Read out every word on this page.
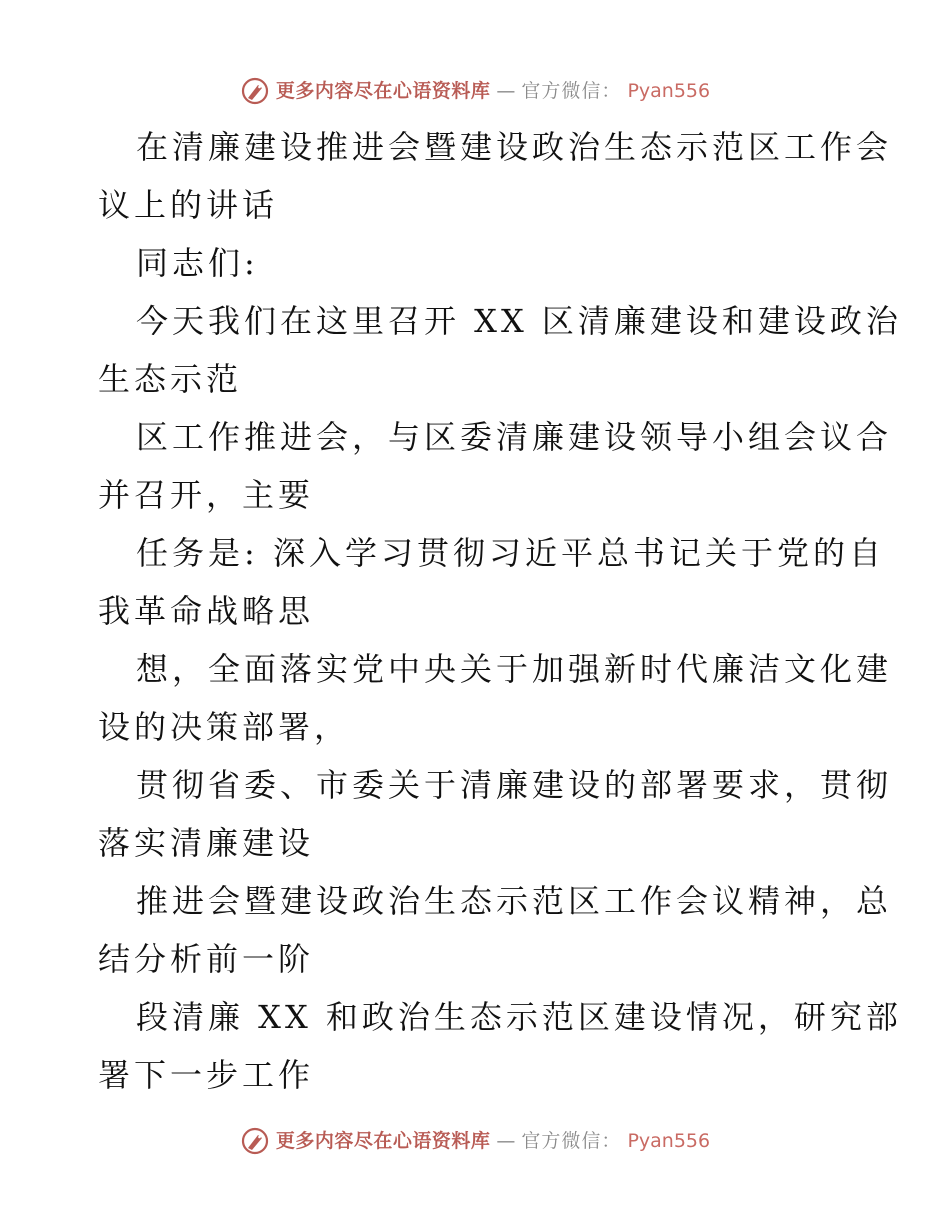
更多内容尽在心语资料库 — 官方微信： Pyan556
在清廉建设推进会暨建设政治生态示范区工作会
议上的讲话
同志们:
今天我们在这里召开 XX 区清廉建设和建设政治
生态示范
区工作推进会，与区委清廉建设领导小组会议合
并召开，主要
任务是: 深入学习贯彻习近平总书记关于党的自
我革命战略思
想，全面落实党中央关于加强新时代廉洁文化建
设的决策部署，
贯彻省委、市委关于清廉建设的部署要求，贯彻
落实清廉建设
推进会暨建设政治生态示范区工作会议精神，总
结分析前一阶
段清廉 XX 和政治生态示范区建设情况，研究部
署下一步工作
更多内容尽在心语资料库 — 官方微信： Pyan556
